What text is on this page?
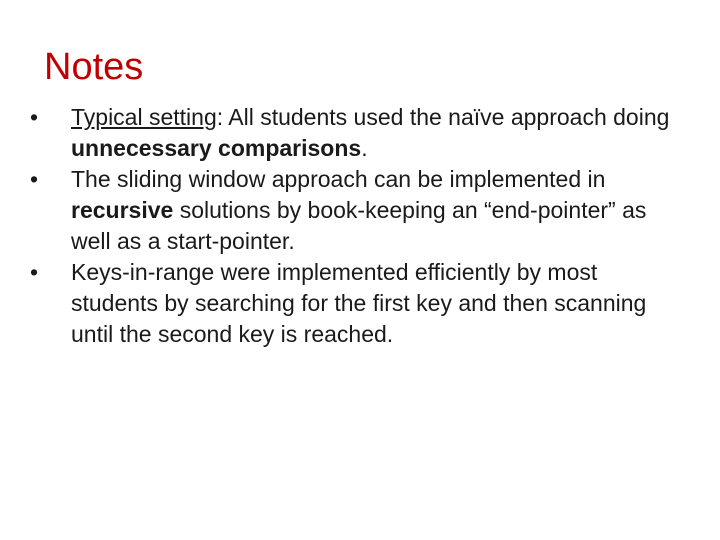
Notes
•	Typical setting: All students used the naïve approach doing unnecessary comparisons.
•	The sliding window approach can be implemented in recursive solutions by book-keeping an “end-pointer” as well as a start-pointer.
•	Keys-in-range were implemented efficiently by most students by searching for the first key and then scanning until the second key is reached.
